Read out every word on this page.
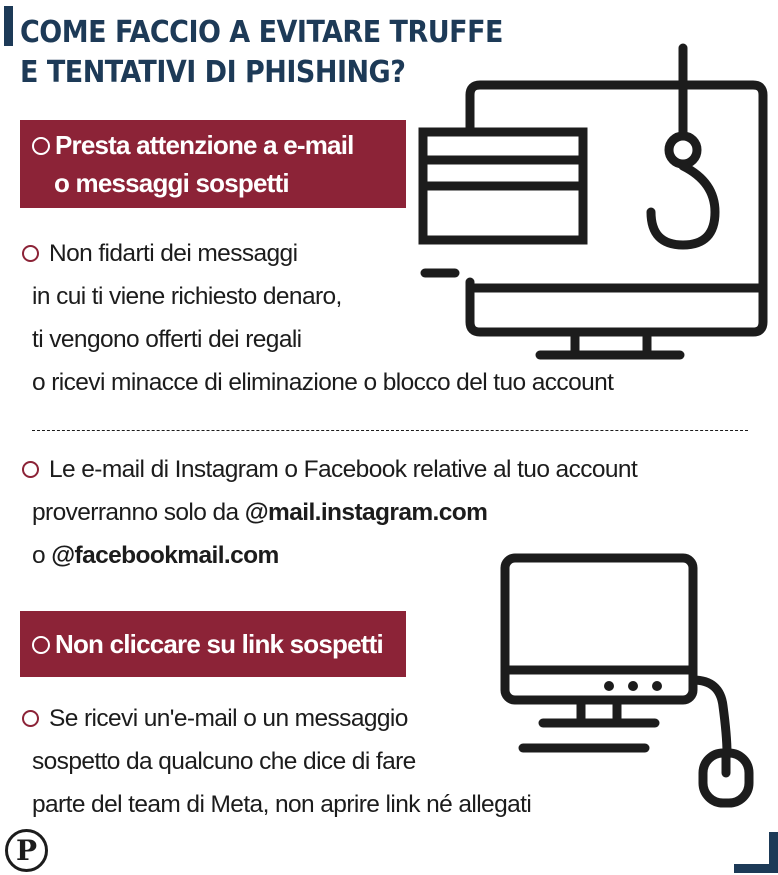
COME FACCIO A EVITARE TRUFFE
E TENTATIVI DI PHISHING?
Presta attenzione a e-mail
o messaggi sospetti
Non fidarti dei messaggi
in cui ti viene richiesto denaro,
ti vengono offerti dei regali
o ricevi minacce di eliminazione o blocco del tuo account
Le e-mail di Instagram o Facebook relative al tuo account
proverranno solo da @mail.instagram.com
o @facebookmail.com
Non cliccare su link sospetti
Se ricevi un'e-mail o un messaggio
sospetto da qualcuno che dice di fare
parte del team di Meta, non aprire link né allegati
P
